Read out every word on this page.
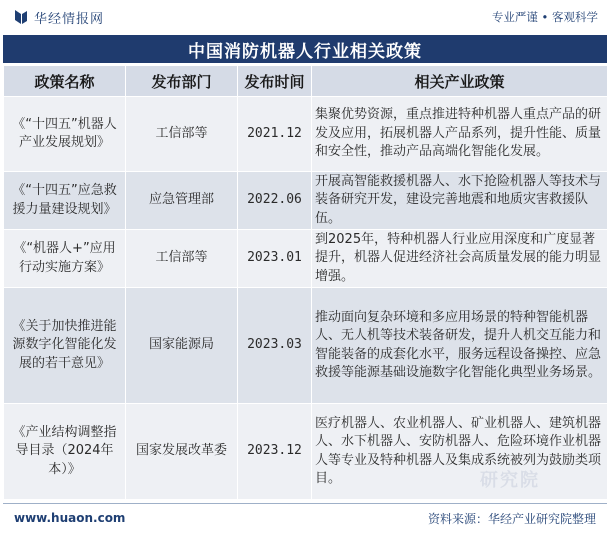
华经情报网	专业严谨 • 客观科学
中国消防机器人行业相关政策
政策名称	发布部门	发布时间	相关产业政策
《“十四五”机器人产业发展规划》	工信部等	2021.12	集聚优势资源，重点推进特种机器人重点产品的研发及应用，拓展机器人产品系列，提升性能、质量和安全性，推动产品高端化智能化发展。
《“十四五”应急救援力量建设规划》	应急管理部	2022.06	开展高智能救援机器人、水下抢险机器人等技术与装备研究开发，建设完善地震和地质灾害救援队伍。
《“机器人+”应用行动实施方案》	工信部等	2023.01	到2025年，特种机器人行业应用深度和广度显著提升，机器人促进经济社会高质量发展的能力明显增强。
《关于加快推进能源数字化智能化发展的若干意见》	国家能源局	2023.03	推动面向复杂环境和多应用场景的特种智能机器人、无人机等技术装备研发，提升人机交互能力和智能装备的成套化水平，服务远程设备操控、应急救援等能源基础设施数字化智能化典型业务场景。
《产业结构调整指导目录（2024年本）》	国家发展改革委	2023.12	医疗机器人、农业机器人、矿业机器人、建筑机器人、水下机器人、安防机器人、危险环境作业机器人等专业及特种机器人及集成系统被列为鼓励类项目。	研究院
www.huaon.com	资料来源：华经产业研究院整理
